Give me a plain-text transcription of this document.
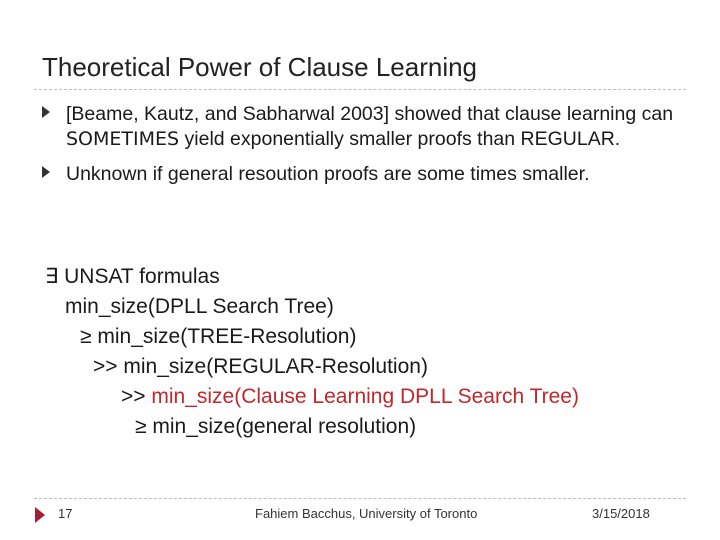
Theoretical Power of Clause Learning
[Beame, Kautz, and Sabharwal 2003] showed that clause learning can SOMETIMES yield exponentially smaller proofs than REGULAR.
Unknown if general resoution proofs are some times smaller.
∃ UNSAT formulas
min_size(DPLL Search Tree)
≥ min_size(TREE-Resolution)
>> min_size(REGULAR-Resolution)
>> min_size(Clause Learning DPLL Search Tree)
≥ min_size(general resolution)
17	Fahiem Bacchus, University of Toronto	3/15/2018
